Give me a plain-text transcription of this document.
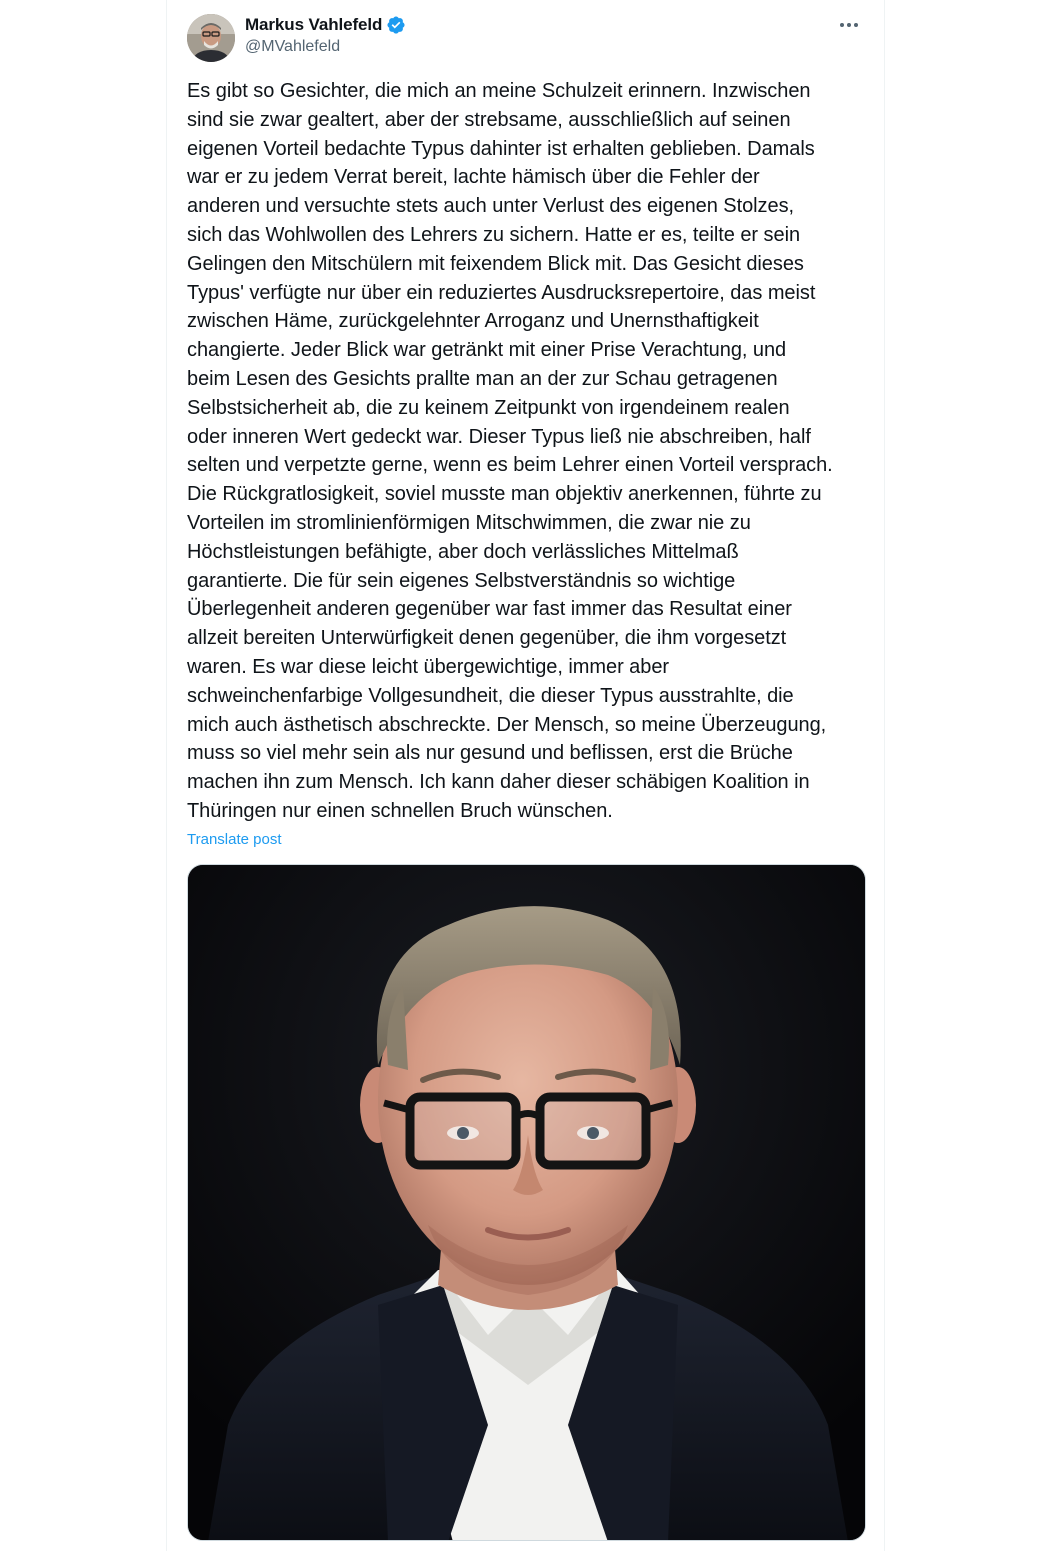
Markus Vahlefeld
@MVahlefeld
Es gibt so Gesichter, die mich an meine Schulzeit erinnern. Inzwischen
sind sie zwar gealtert, aber der strebsame, ausschließlich auf seinen
eigenen Vorteil bedachte Typus dahinter ist erhalten geblieben. Damals
war er zu jedem Verrat bereit, lachte hämisch über die Fehler der
anderen und versuchte stets auch unter Verlust des eigenen Stolzes,
sich das Wohlwollen des Lehrers zu sichern. Hatte er es, teilte er sein
Gelingen den Mitschülern mit feixendem Blick mit. Das Gesicht dieses
Typus' verfügte nur über ein reduziertes Ausdrucksrepertoire, das meist
zwischen Häme, zurückgelehnter Arroganz und Unernsthaftigkeit
changierte. Jeder Blick war getränkt mit einer Prise Verachtung, und
beim Lesen des Gesichts prallte man an der zur Schau getragenen
Selbstsicherheit ab, die zu keinem Zeitpunkt von irgendeinem realen
oder inneren Wert gedeckt war. Dieser Typus ließ nie abschreiben, half
selten und verpetzte gerne, wenn es beim Lehrer einen Vorteil versprach.
Die Rückgratlosigkeit, soviel musste man objektiv anerkennen, führte zu
Vorteilen im stromlinienförmigen Mitschwimmen, die zwar nie zu
Höchstleistungen befähigte, aber doch verlässliches Mittelmaß
garantierte. Die für sein eigenes Selbstverständnis so wichtige
Überlegenheit anderen gegenüber war fast immer das Resultat einer
allzeit bereiten Unterwürfigkeit denen gegenüber, die ihm vorgesetzt
waren. Es war diese leicht übergewichtige, immer aber
schweinchenfarbige Vollgesundheit, die dieser Typus ausstrahlte, die
mich auch ästhetisch abschreckte. Der Mensch, so meine Überzeugung,
muss so viel mehr sein als nur gesund und beflissen, erst die Brüche
machen ihn zum Mensch. Ich kann daher dieser schäbigen Koalition in
Thüringen nur einen schnellen Bruch wünschen.
Translate post
